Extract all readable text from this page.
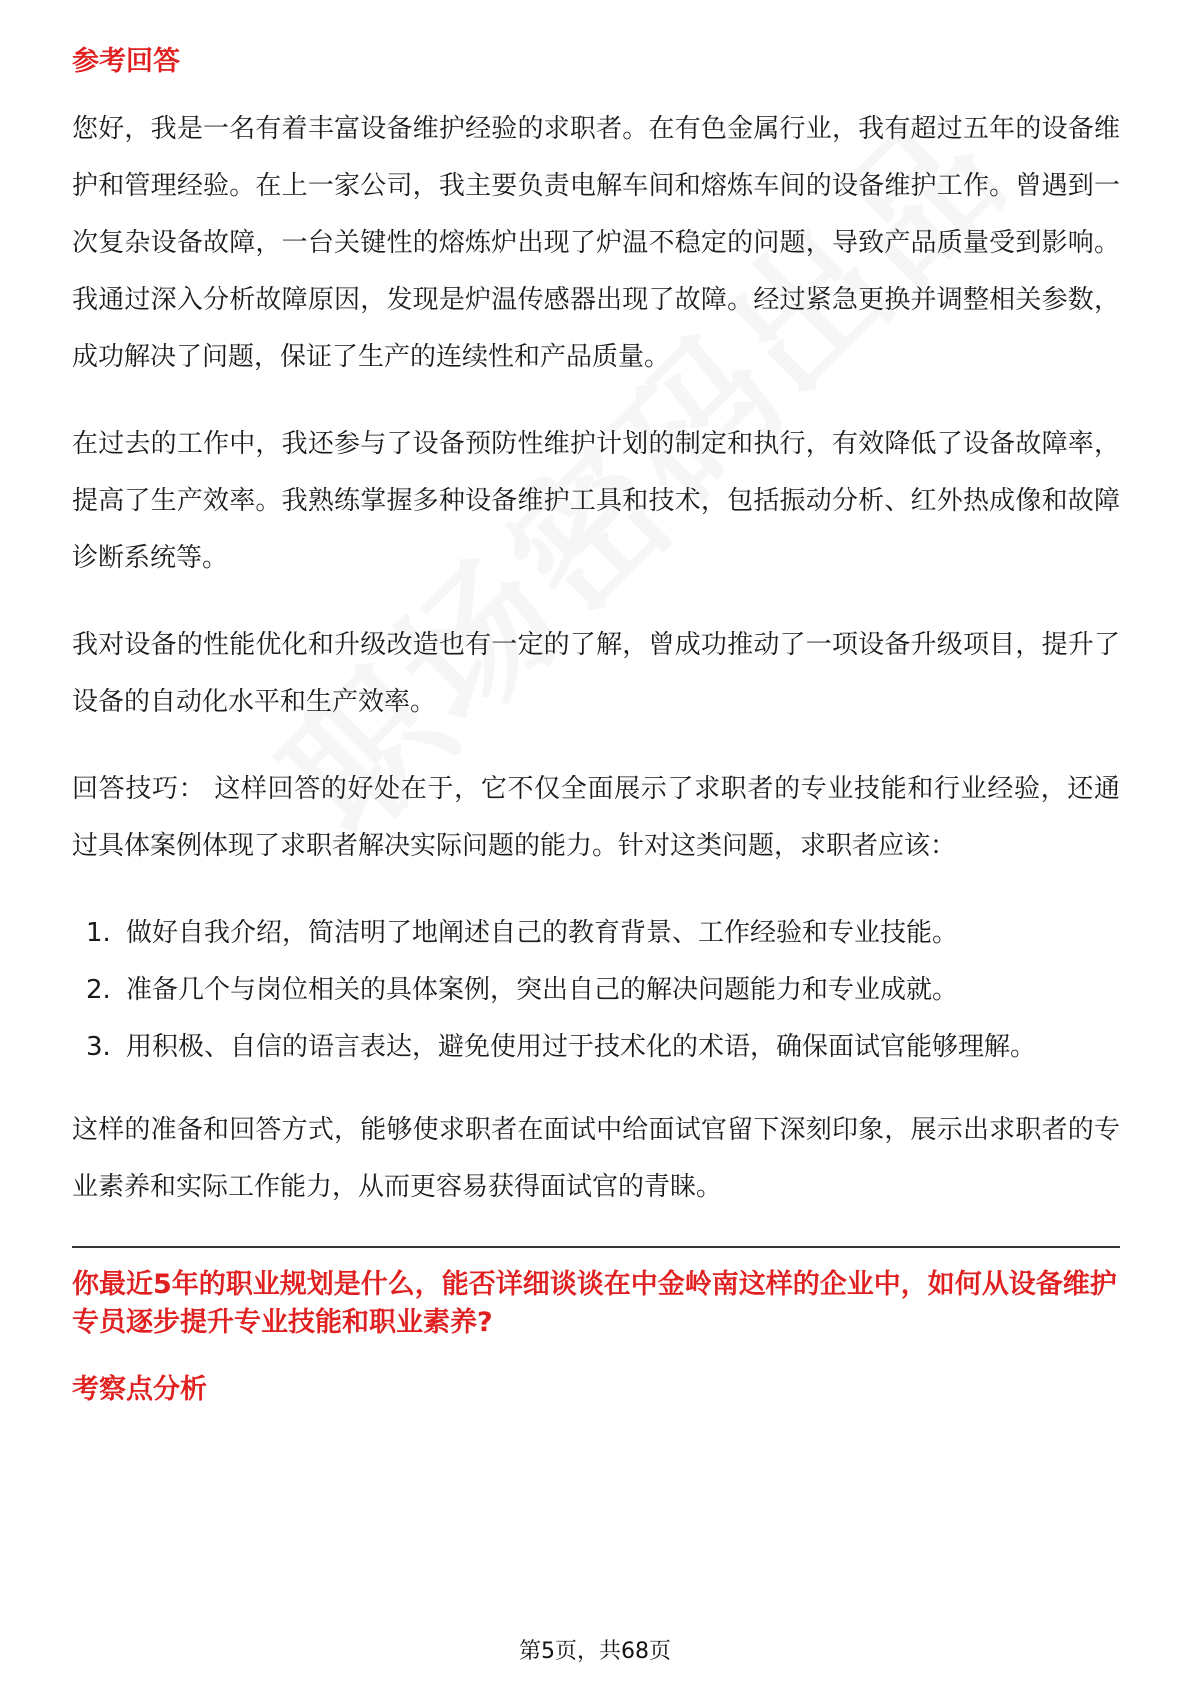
参考回答

您好，我是一名有着丰富设备维护经验的求职者。在有色金属行业，我有超过五年的设备维护和管理经验。在上一家公司，我主要负责电解车间和熔炼车间的设备维护工作。曾遇到一次复杂设备故障，一台关键性的熔炼炉出现了炉温不稳定的问题，导致产品质量受到影响。我通过深入分析故障原因，发现是炉温传感器出现了故障。经过紧急更换并调整相关参数，成功解决了问题，保证了生产的连续性和产品质量。

在过去的工作中，我还参与了设备预防性维护计划的制定和执行，有效降低了设备故障率，提高了生产效率。我熟练掌握多种设备维护工具和技术，包括振动分析、红外热成像和故障诊断系统等。

我对设备的性能优化和升级改造也有一定的了解，曾成功推动了一项设备升级项目，提升了设备的自动化水平和生产效率。

回答技巧： 这样回答的好处在于，它不仅全面展示了求职者的专业技能和行业经验，还通过具体案例体现了求职者解决实际问题的能力。针对这类问题，求职者应该：

1. 做好自我介绍，简洁明了地阐述自己的教育背景、工作经验和专业技能。
2. 准备几个与岗位相关的具体案例，突出自己的解决问题能力和专业成就。
3. 用积极、自信的语言表达，避免使用过于技术化的术语，确保面试官能够理解。

这样的准备和回答方式，能够使求职者在面试中给面试官留下深刻印象，展示出求职者的专业素养和实际工作能力，从而更容易获得面试官的青睐。

你最近5年的职业规划是什么，能否详细谈谈在中金岭南这样的企业中，如何从设备维护专员逐步提升专业技能和职业素养?
考察点分析
第5页，共68页
